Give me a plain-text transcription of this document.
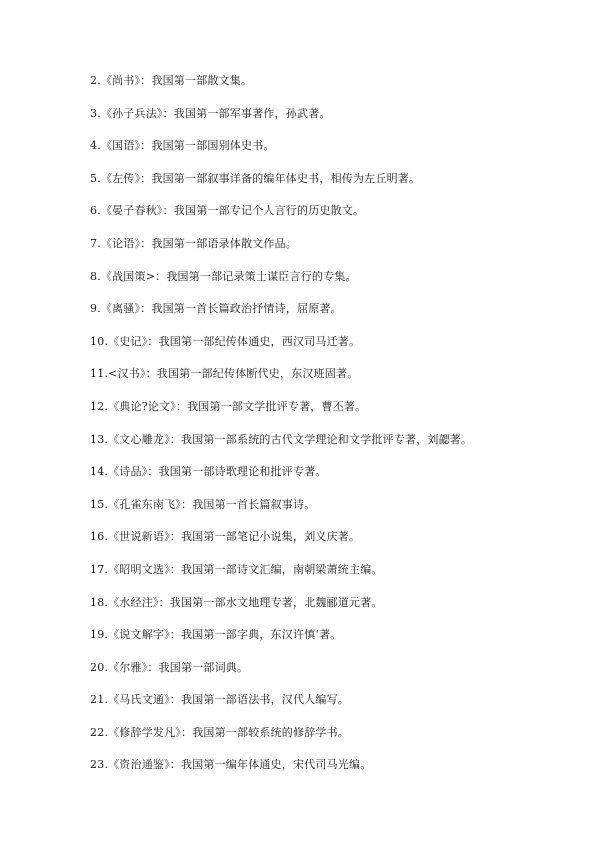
2.《尚书》：我国第一部散文集。
3.《孙子兵法》：我国第一部军事著作，孙武著。
4.《国语》：我国第一部国别体史书。
5.《左传》：我国第一部叙事详备的编年体史书，相传为左丘明著。
6.《晏子春秋》：我国第一部专记个人言行的历史散文。
7.《论语》：我国第一部语录体散文作品。
8.《战国策>：我国第一部记录策士谋臣言行的专集。
9.《离骚》：我国第一首长篇政治抒情诗，屈原著。
10.《史记》：我国第一部纪传体通史，西汉司马迁著。
11.<汉书》：我国第一部纪传体断代史，东汉班固著。
12.《典论?论文》：我国第一部文学批评专著，曹丕著。
13.《文心雕龙》：我国第一部系统的古代文学理论和文学批评专著，刘勰著。
14.《诗品》：我国第一部诗歌理论和批评专著。
15.《孔雀东南飞》：我国第一首长篇叙事诗。
16.《世说新语》：我国第一部笔记小说集，刘义庆著。
17.《昭明文选》：我国第一部诗文汇编，南朝梁萧统主编。
18.《水经注》：我国第一部水文地理专著，北魏郦道元著。
19.《说文解字》：我国第一部字典，东汉许慎‘著。
20.《尔雅》：我国第一部词典。
21.《马氏文通》：我国第一部语法书，汉代人编写。
22.《修辞学发凡》：我国第一部较系统的修辞学书。
23.《资治通鉴》：我国第一编年体通史，宋代司马光编。
